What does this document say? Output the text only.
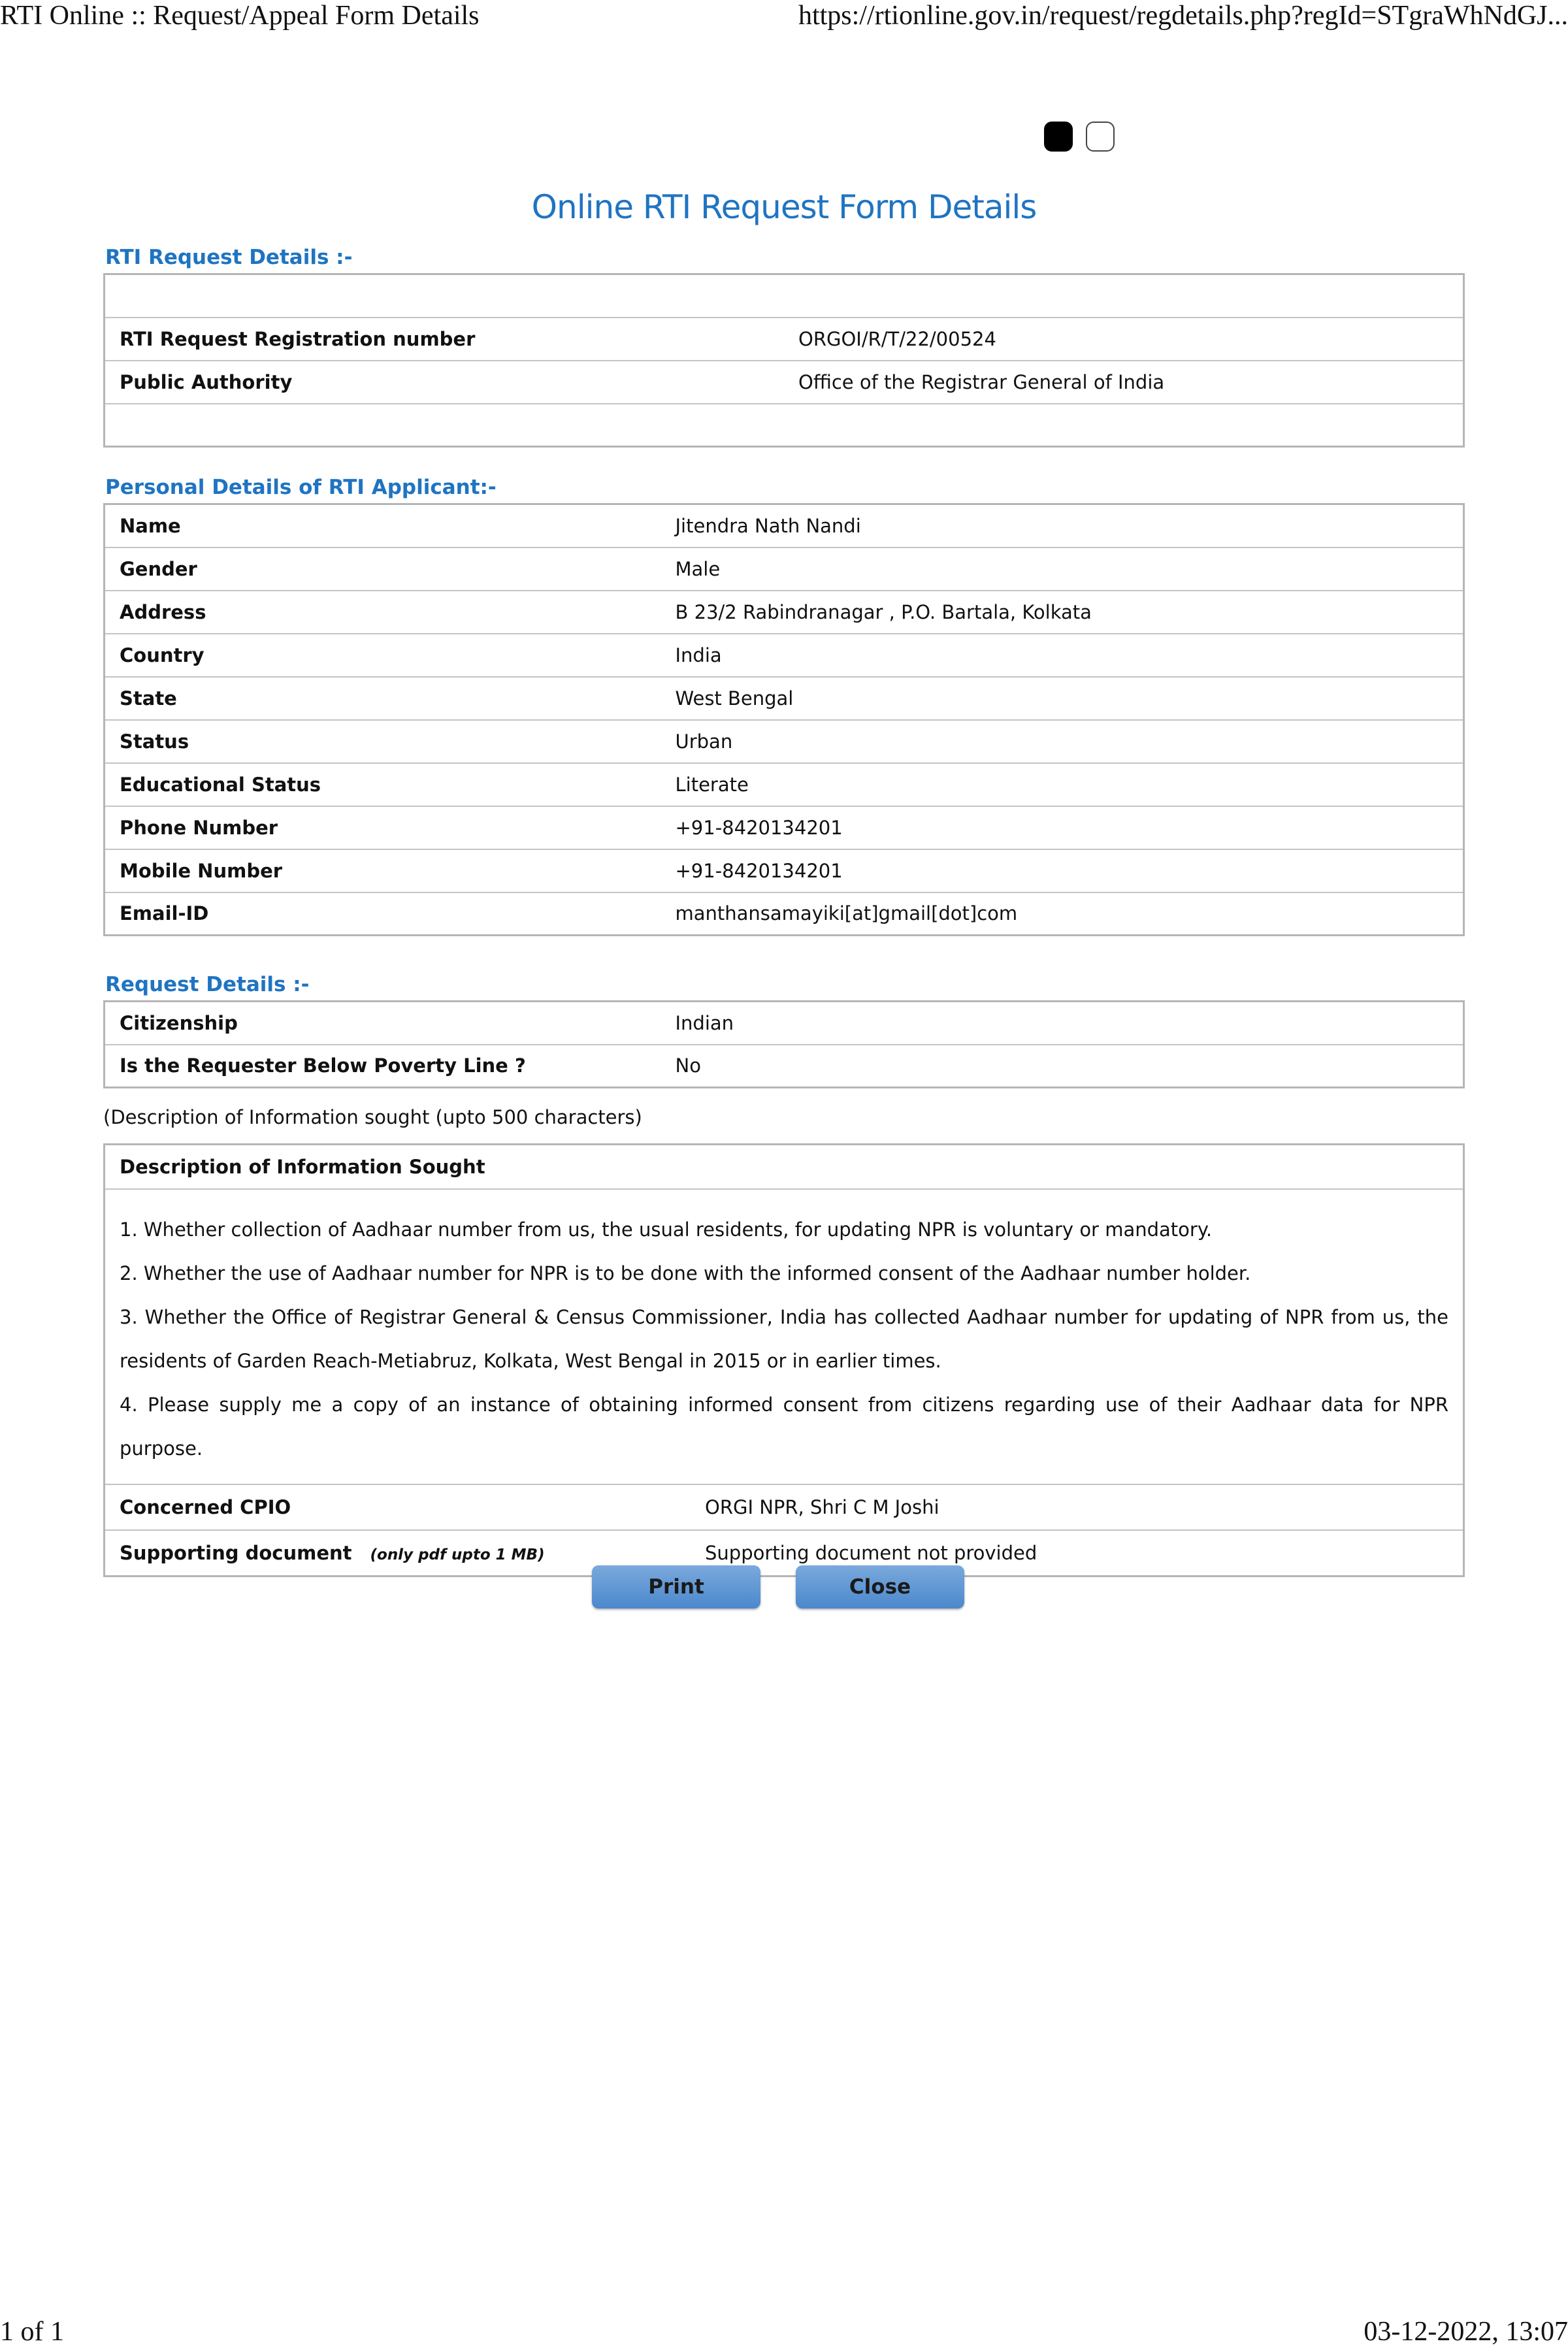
RTI Online :: Request/Appeal Form Details	https://rtionline.gov.in/request/regdetails.php?regId=STgraWhNdGJ...
Online RTI Request Form Details
RTI Request Details :-

RTI Request Registration number	ORGOI/R/T/22/00524
Public Authority	Office of the Registrar General of India

Personal Details of RTI Applicant:-
Name	Jitendra Nath Nandi
Gender	Male
Address	B 23/2 Rabindranagar , P.O. Bartala, Kolkata
Country	India
State	West Bengal
Status	Urban
Educational Status	Literate
Phone Number	+91-8420134201
Mobile Number	+91-8420134201
Email-ID	manthansamayiki[at]gmail[dot]com
Request Details :-
Citizenship	Indian
Is the Requester Below Poverty Line ?	No
(Description of Information sought (upto 500 characters)
Description of Information Sought

1. Whether collection of Aadhaar number from us, the usual residents, for updating NPR is voluntary or mandatory.

2. Whether the use of Aadhaar number for NPR is to be done with the informed consent of the Aadhaar number holder.

3. Whether the Office of Registrar General & Census Commissioner, India has collected Aadhaar number for updating of NPR from us, the residents of Garden Reach-Metiabruz, Kolkata, West Bengal in 2015 or in earlier times.

4. Please supply me a copy of an instance of obtaining informed consent from citizens regarding use of their Aadhaar data for NPR purpose.

Concerned CPIO	ORGI NPR, Shri C M Joshi
Supporting document (only pdf upto 1 MB)	Supporting document not provided
Print	Close
1 of 1	03-12-2022, 13:07
